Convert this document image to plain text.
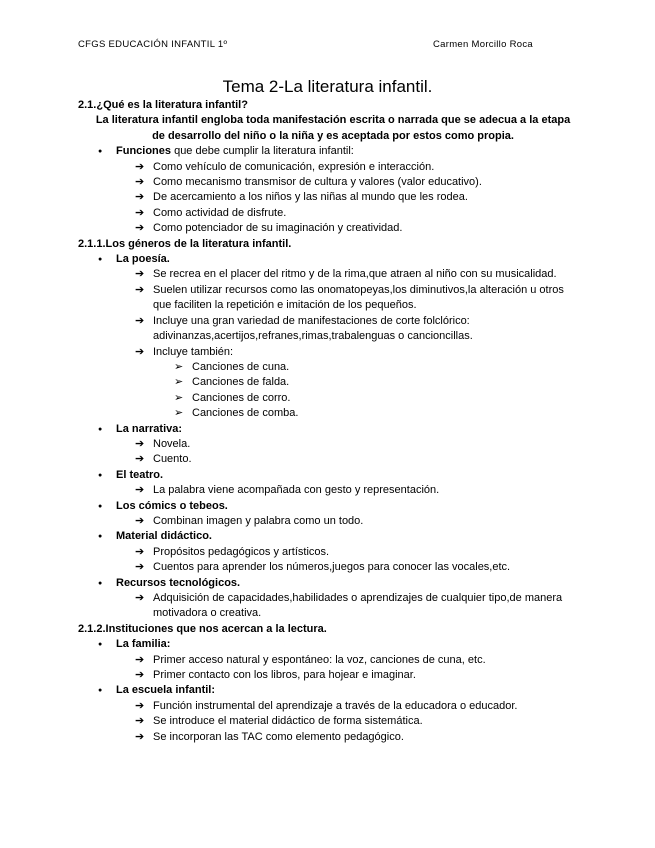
CFGS EDUCACIÓN INFANTIL 1º	Carmen Morcillo Roca
Tema 2-La literatura infantil.
2.1.¿Qué es la literatura infantil?
La literatura infantil engloba toda manifestación escrita o narrada que se adecua a la etapa de desarrollo del niño o la niña y es aceptada por estos como propia.
● Funciones que debe cumplir la literatura infantil:
➔ Como vehículo de comunicación, expresión e interacción.
➔ Como mecanismo transmisor de cultura y valores (valor educativo).
➔ De acercamiento a los niños y las niñas al mundo que les rodea.
➔ Como actividad de disfrute.
➔ Como potenciador de su imaginación y creatividad.
2.1.1.Los géneros de la literatura infantil.
● La poesía.
➔ Se recrea en el placer del ritmo y de la rima,que atraen al niño con su musicalidad.
➔ Suelen utilizar recursos como las onomatopeyas,los diminutivos,la alteración u otros que faciliten la repetición e imitación de los pequeños.
➔ Incluye una gran variedad de manifestaciones de corte folclórico: adivinanzas,acertijos,refranes,rimas,trabalenguas o cancioncillas.
➔ Incluye también:
➢ Canciones de cuna.
➢ Canciones de falda.
➢ Canciones de corro.
➢ Canciones de comba.
● La narrativa:
➔ Novela.
➔ Cuento.
● El teatro.
➔ La palabra viene acompañada con gesto y representación.
● Los cómics o tebeos.
➔ Combinan imagen y palabra como un todo.
● Material didáctico.
➔ Propósitos pedagógicos y artísticos.
➔ Cuentos para aprender los números,juegos para conocer las vocales,etc.
● Recursos tecnológicos.
➔ Adquisición de capacidades,habilidades o aprendizajes de cualquier tipo,de manera motivadora o creativa.
2.1.2.Instituciones que nos acercan a la lectura.
● La familia:
➔ Primer acceso natural y espontáneo: la voz, canciones de cuna, etc.
➔ Primer contacto con los libros, para hojear e imaginar.
● La escuela infantil:
➔ Función instrumental del aprendizaje a través de la educadora o educador.
➔ Se introduce el material didáctico de forma sistemática.
➔ Se incorporan las TAC como elemento pedagógico.
